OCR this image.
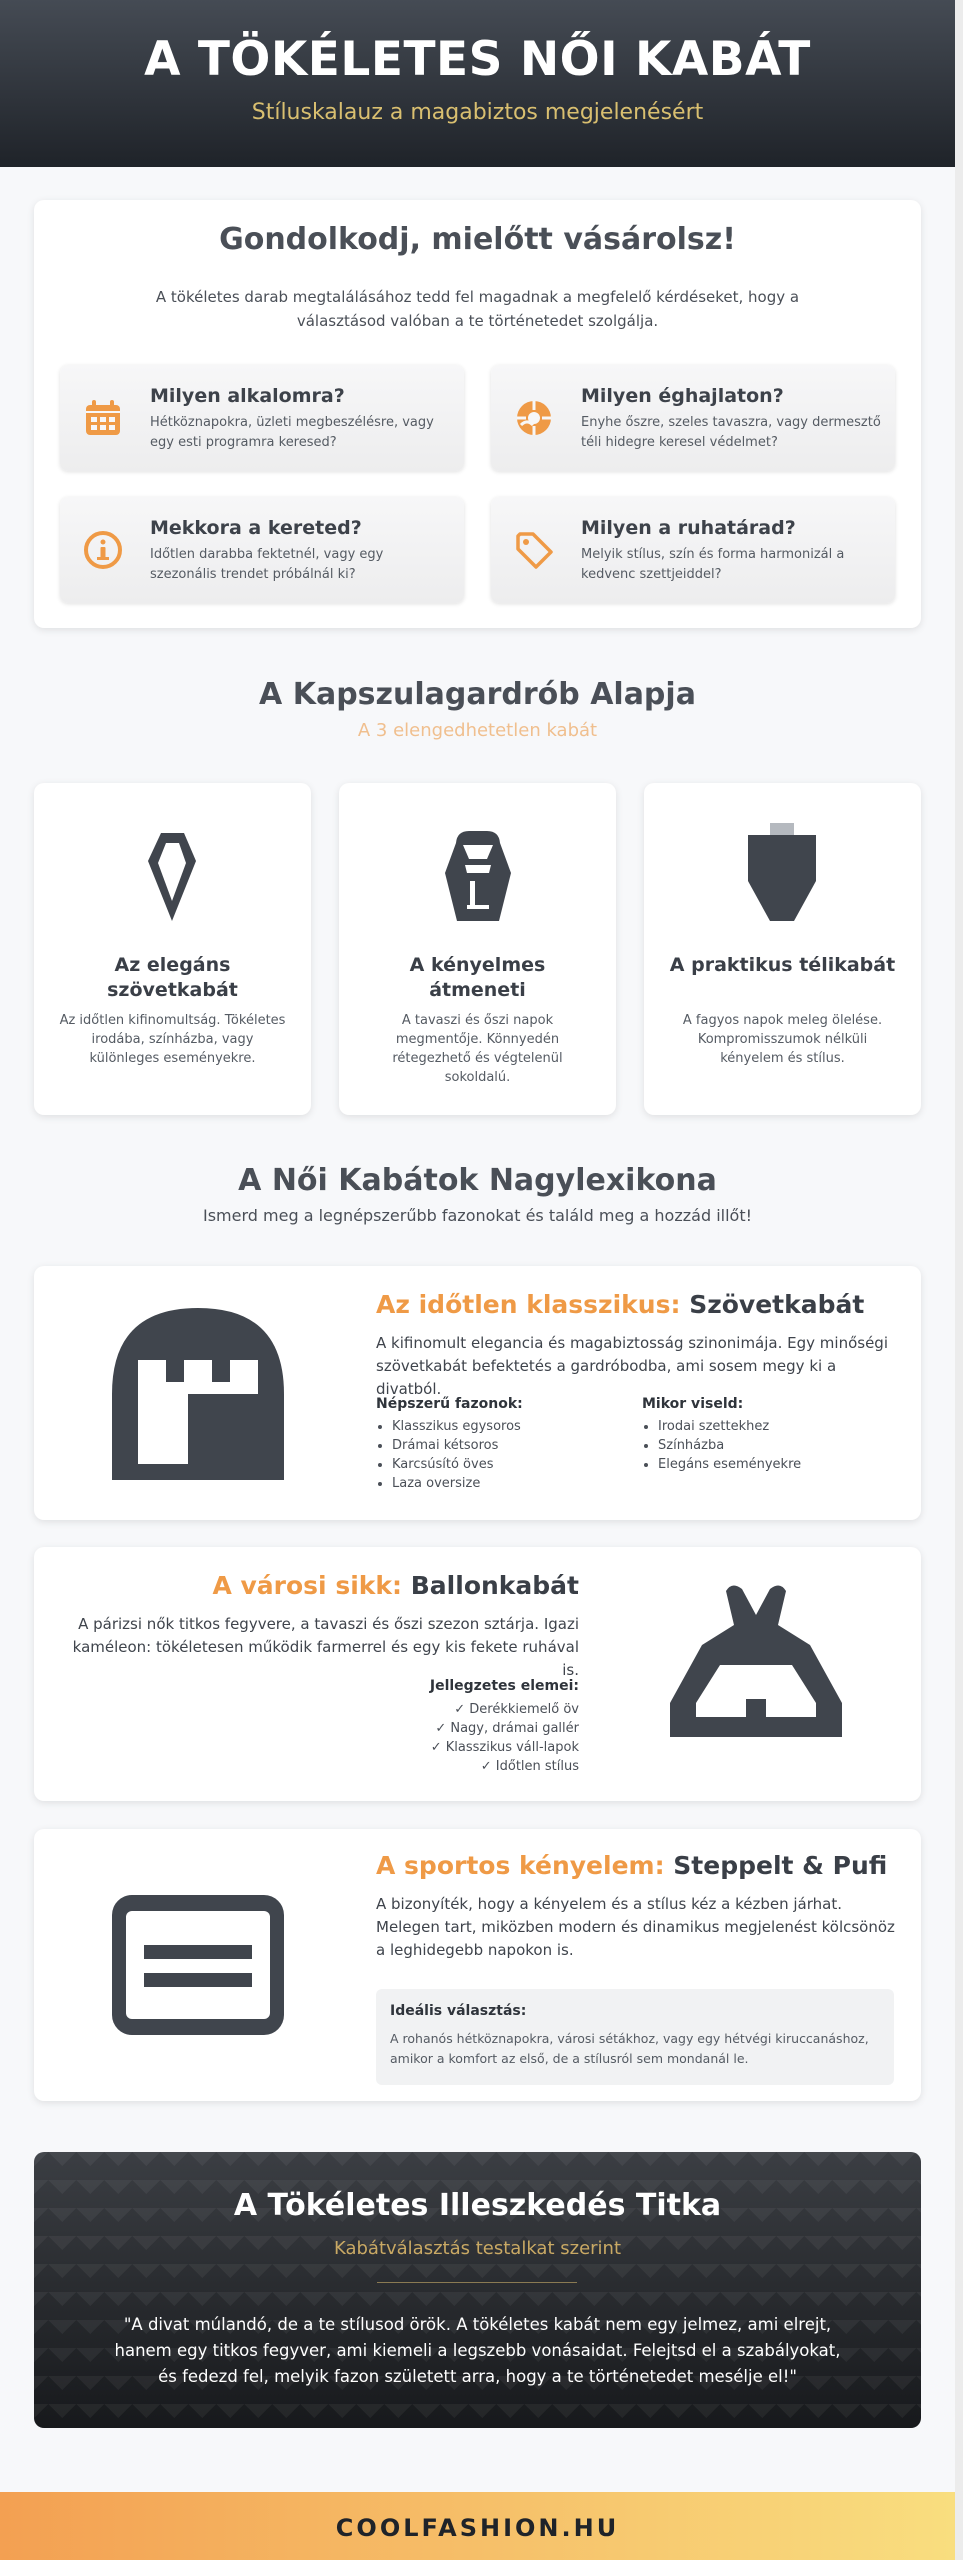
A TÖKÉLETES NŐI KABÁT
Stíluskalauz a magabiztos megjelenésért
Gondolkodj, mielőtt vásárolsz!

A tökéletes darab megtalálásához tedd fel magadnak a megfelelő kérdéseket, hogy a választásod valóban a te történetedet szolgálja.

Milyen alkalomra?
Hétköznapokra, üzleti megbeszélésre, vagy egy esti programra keresed?
Milyen éghajlaton?
Enyhe őszre, szeles tavaszra, vagy dermesztő téli hidegre keresel védelmet?
Mekkora a kereted?
Időtlen darabba fektetnél, vagy egy szezonális trendet próbálnál ki?
Milyen a ruhatárad?
Melyik stílus, szín és forma harmonizál a kedvenc szettjeiddel?
A Kapszulagardrób Alapja
A 3 elengedhetetlen kabát
Az elegáns szövetkabát
Az időtlen kifinomultság. Tökéletes irodába, színházba, vagy különleges eseményekre.
A kényelmes átmeneti
A tavaszi és őszi napok megmentője. Könnyedén rétegezhető és végtelenül sokoldalú.
A praktikus télikabát
A fagyos napok meleg ölelése. Kompromisszumok nélküli kényelem és stílus.
A Női Kabátok Nagylexikona
Ismerd meg a legnépszerűbb fazonokat és találd meg a hozzád illőt!
Az időtlen klasszikus: Szövetkabát

A kifinomult elegancia és magabiztosság szinonimája. Egy minőségi szövetkabát befektetés a gardróbodba, ami sosem megy ki a divatból.

Népszerű fazonok:
• Klasszikus egysoros
• Drámai kétsoros
• Karcsúsító öves
• Laza oversize
Mikor viseld:
• Irodai szettekhez
• Színházba
• Elegáns eseményekre
A városi sikk: Ballonkabát

A párizsi nők titkos fegyvere, a tavaszi és őszi szezon sztárja. Igazi kaméleon: tökéletesen működik farmerrel és egy kis fekete ruhával is.

Jellegzetes elemei:
✓ Derékkiemelő öv
✓ Nagy, drámai gallér
✓ Klasszikus váll-lapok
✓ Időtlen stílus
A sportos kényelem: Steppelt & Pufi

A bizonyíték, hogy a kényelem és a stílus kéz a kézben járhat. Melegen tart, miközben modern és dinamikus megjelenést kölcsönöz a leghidegebb napokon is.

Ideális választás:
A rohanós hétköznapokra, városi sétákhoz, vagy egy hétvégi kiruccanáshoz, amikor a komfort az első, de a stílusról sem mondanál le.
A Tökéletes Illeszkedés Titka
Kabátválasztás testalkat szerint
"A divat múlandó, de a te stílusod örök. A tökéletes kabát nem egy jelmez, ami elrejt, hanem egy titkos fegyver, ami kiemeli a legszebb vonásaidat. Felejtsd el a szabályokat, és fedezd fel, melyik fazon született arra, hogy a te történetedet mesélje el!"
COOLFASHION.HU
